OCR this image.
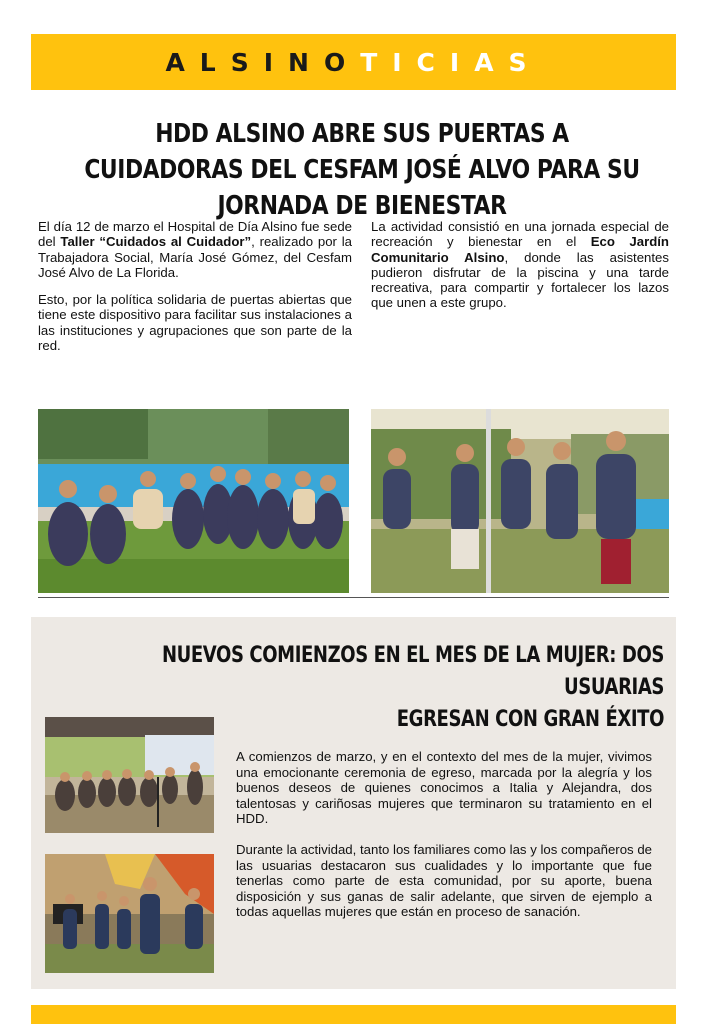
ALSINO TICIAS
HDD ALSINO ABRE SUS PUERTAS A CUIDADORAS DEL CESFAM JOSÉ ALVO PARA SU JORNADA DE BIENESTAR

El día 12 de marzo el Hospital de Día Alsino fue sede del Taller “Cuidados al Cuidador”, realizado por la Trabajadora Social, María José Gómez, del Cesfam José Alvo de La Florida.

Esto, por la política solidaria de puertas abiertas que tiene este dispositivo para facilitar sus instalaciones a las instituciones y agrupaciones que son parte de la red.

La actividad consistió en una jornada especial de recreación y bienestar en el Eco Jardín Comunitario Alsino, donde las asistentes pudieron disfrutar de la piscina y una tarde recreativa, para compartir y fortalecer los lazos que unen a este grupo.

NUEVOS COMIENZOS EN EL MES DE LA MUJER: DOS USUARIAS
EGRESAN CON GRAN ÉXITO

A comienzos de marzo, y en el contexto del mes de la mujer, vivimos una emocionante ceremonia de egreso, marcada por la alegría y los buenos deseos de quienes conocimos a Italia y Alejandra, dos talentosas y cariñosas mujeres que terminaron su tratamiento en el HDD.

Durante la actividad, tanto los familiares como las y los compañeros de las usuarias destacaron sus cualidades y lo importante que fue tenerlas como parte de esta comunidad, por su aporte, buena disposición y sus ganas de salir adelante, que sirven de ejemplo a todas aquellas mujeres que están en proceso de sanación.
